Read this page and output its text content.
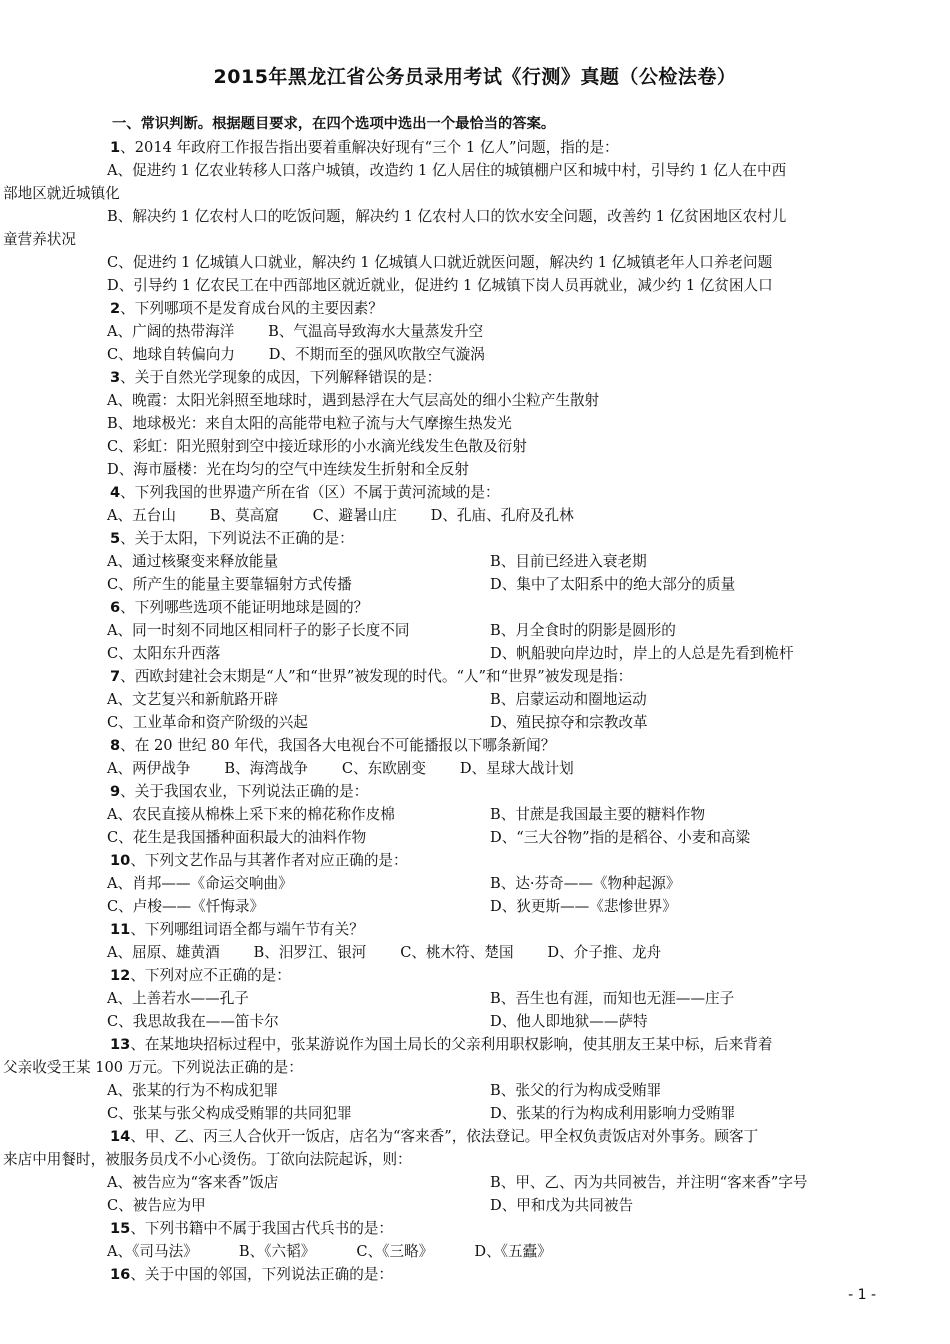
2015年黑龙江省公务员录用考试《行测》真题（公检法卷）
一、常识判断。根据题目要求，在四个选项中选出一个最恰当的答案。
1、2014 年政府工作报告指出要着重解决好现有“三个 1 亿人”问题，指的是：
A、促进约 1 亿农业转移人口落户城镇，改造约 1 亿人居住的城镇棚户区和城中村，引导约 1 亿人在中西
部地区就近城镇化
B、解决约 1 亿农村人口的吃饭问题，解决约 1 亿农村人口的饮水安全问题，改善约 1 亿贫困地区农村儿
童营养状况
C、促进约 1 亿城镇人口就业，解决约 1 亿城镇人口就近就医问题，解决约 1 亿城镇老年人口养老问题
D、引导约 1 亿农民工在中西部地区就近就业，促进约 1 亿城镇下岗人员再就业，减少约 1 亿贫困人口
2、下列哪项不是发育成台风的主要因素？
A、广阔的热带海洋　　 B、气温高导致海水大量蒸发升空
C、地球自转偏向力　　 D、不期而至的强风吹散空气漩涡
3、关于自然光学现象的成因，下列解释错误的是：
A、晚霞：太阳光斜照至地球时，遇到悬浮在大气层高处的细小尘粒产生散射
B、地球极光：来自太阳的高能带电粒子流与大气摩擦生热发光
C、彩虹：阳光照射到空中接近球形的小水滴光线发生色散及衍射
D、海市蜃楼：光在均匀的空气中连续发生折射和全反射
4、下列我国的世界遗产所在省（区）不属于黄河流域的是：
A、五台山　　 B、莫高窟　　 C、避暑山庄　　 D、孔庙、孔府及孔林
5、关于太阳，下列说法不正确的是：
A、通过核聚变来释放能量	B、目前已经进入衰老期
C、所产生的能量主要靠辐射方式传播	D、集中了太阳系中的绝大部分的质量
6、下列哪些选项不能证明地球是圆的？
A、同一时刻不同地区相同杆子的影子长度不同	B、月全食时的阴影是圆形的
C、太阳东升西落	D、帆船驶向岸边时，岸上的人总是先看到桅杆
7、西欧封建社会末期是“人”和“世界”被发现的时代。“人”和“世界”被发现是指：
A、文艺复兴和新航路开辟	B、启蒙运动和圈地运动
C、工业革命和资产阶级的兴起	D、殖民掠夺和宗教改革
8、在 20 世纪 80 年代，我国各大电视台不可能播报以下哪条新闻？
A、两伊战争　　 B、海湾战争　　 C、东欧剧变　　 D、星球大战计划
9、关于我国农业，下列说法正确的是：
A、农民直接从棉株上采下来的棉花称作皮棉	B、甘蔗是我国最主要的糖料作物
C、花生是我国播种面积最大的油料作物	D、“三大谷物”指的是稻谷、小麦和高粱
10、下列文艺作品与其著作者对应正确的是：
A、肖邦——《命运交响曲》	B、达·芬奇——《物种起源》
C、卢梭——《忏悔录》	D、狄更斯——《悲惨世界》
11、下列哪组词语全都与端午节有关？
A、屈原、雄黄酒　　 B、汨罗江、银河　　 C、桃木符、楚国　　 D、介子推、龙舟
12、下列对应不正确的是：
A、上善若水——孔子	B、吾生也有涯，而知也无涯——庄子
C、我思故我在——笛卡尔	D、他人即地狱——萨特
13、在某地块招标过程中，张某游说作为国土局长的父亲利用职权影响，使其朋友王某中标，后来背着
父亲收受王某 100 万元。下列说法正确的是：
A、张某的行为不构成犯罪	B、张父的行为构成受贿罪
C、张某与张父构成受贿罪的共同犯罪	D、张某的行为构成利用影响力受贿罪
14、甲、乙、丙三人合伙开一饭店，店名为“客来香”，依法登记。甲全权负责饭店对外事务。顾客丁
来店中用餐时，被服务员戊不小心烫伤。丁欲向法院起诉，则：
A、被告应为“客来香”饭店	B、甲、乙、丙为共同被告，并注明“客来香”字号
C、被告应为甲	D、甲和戊为共同被告
15、下列书籍中不属于我国古代兵书的是：
A、《司马法》　　　 B、《六韬》　　　 C、《三略》　　　 D、《五蠹》
16、关于中国的邻国，下列说法正确的是：
- 1 -
